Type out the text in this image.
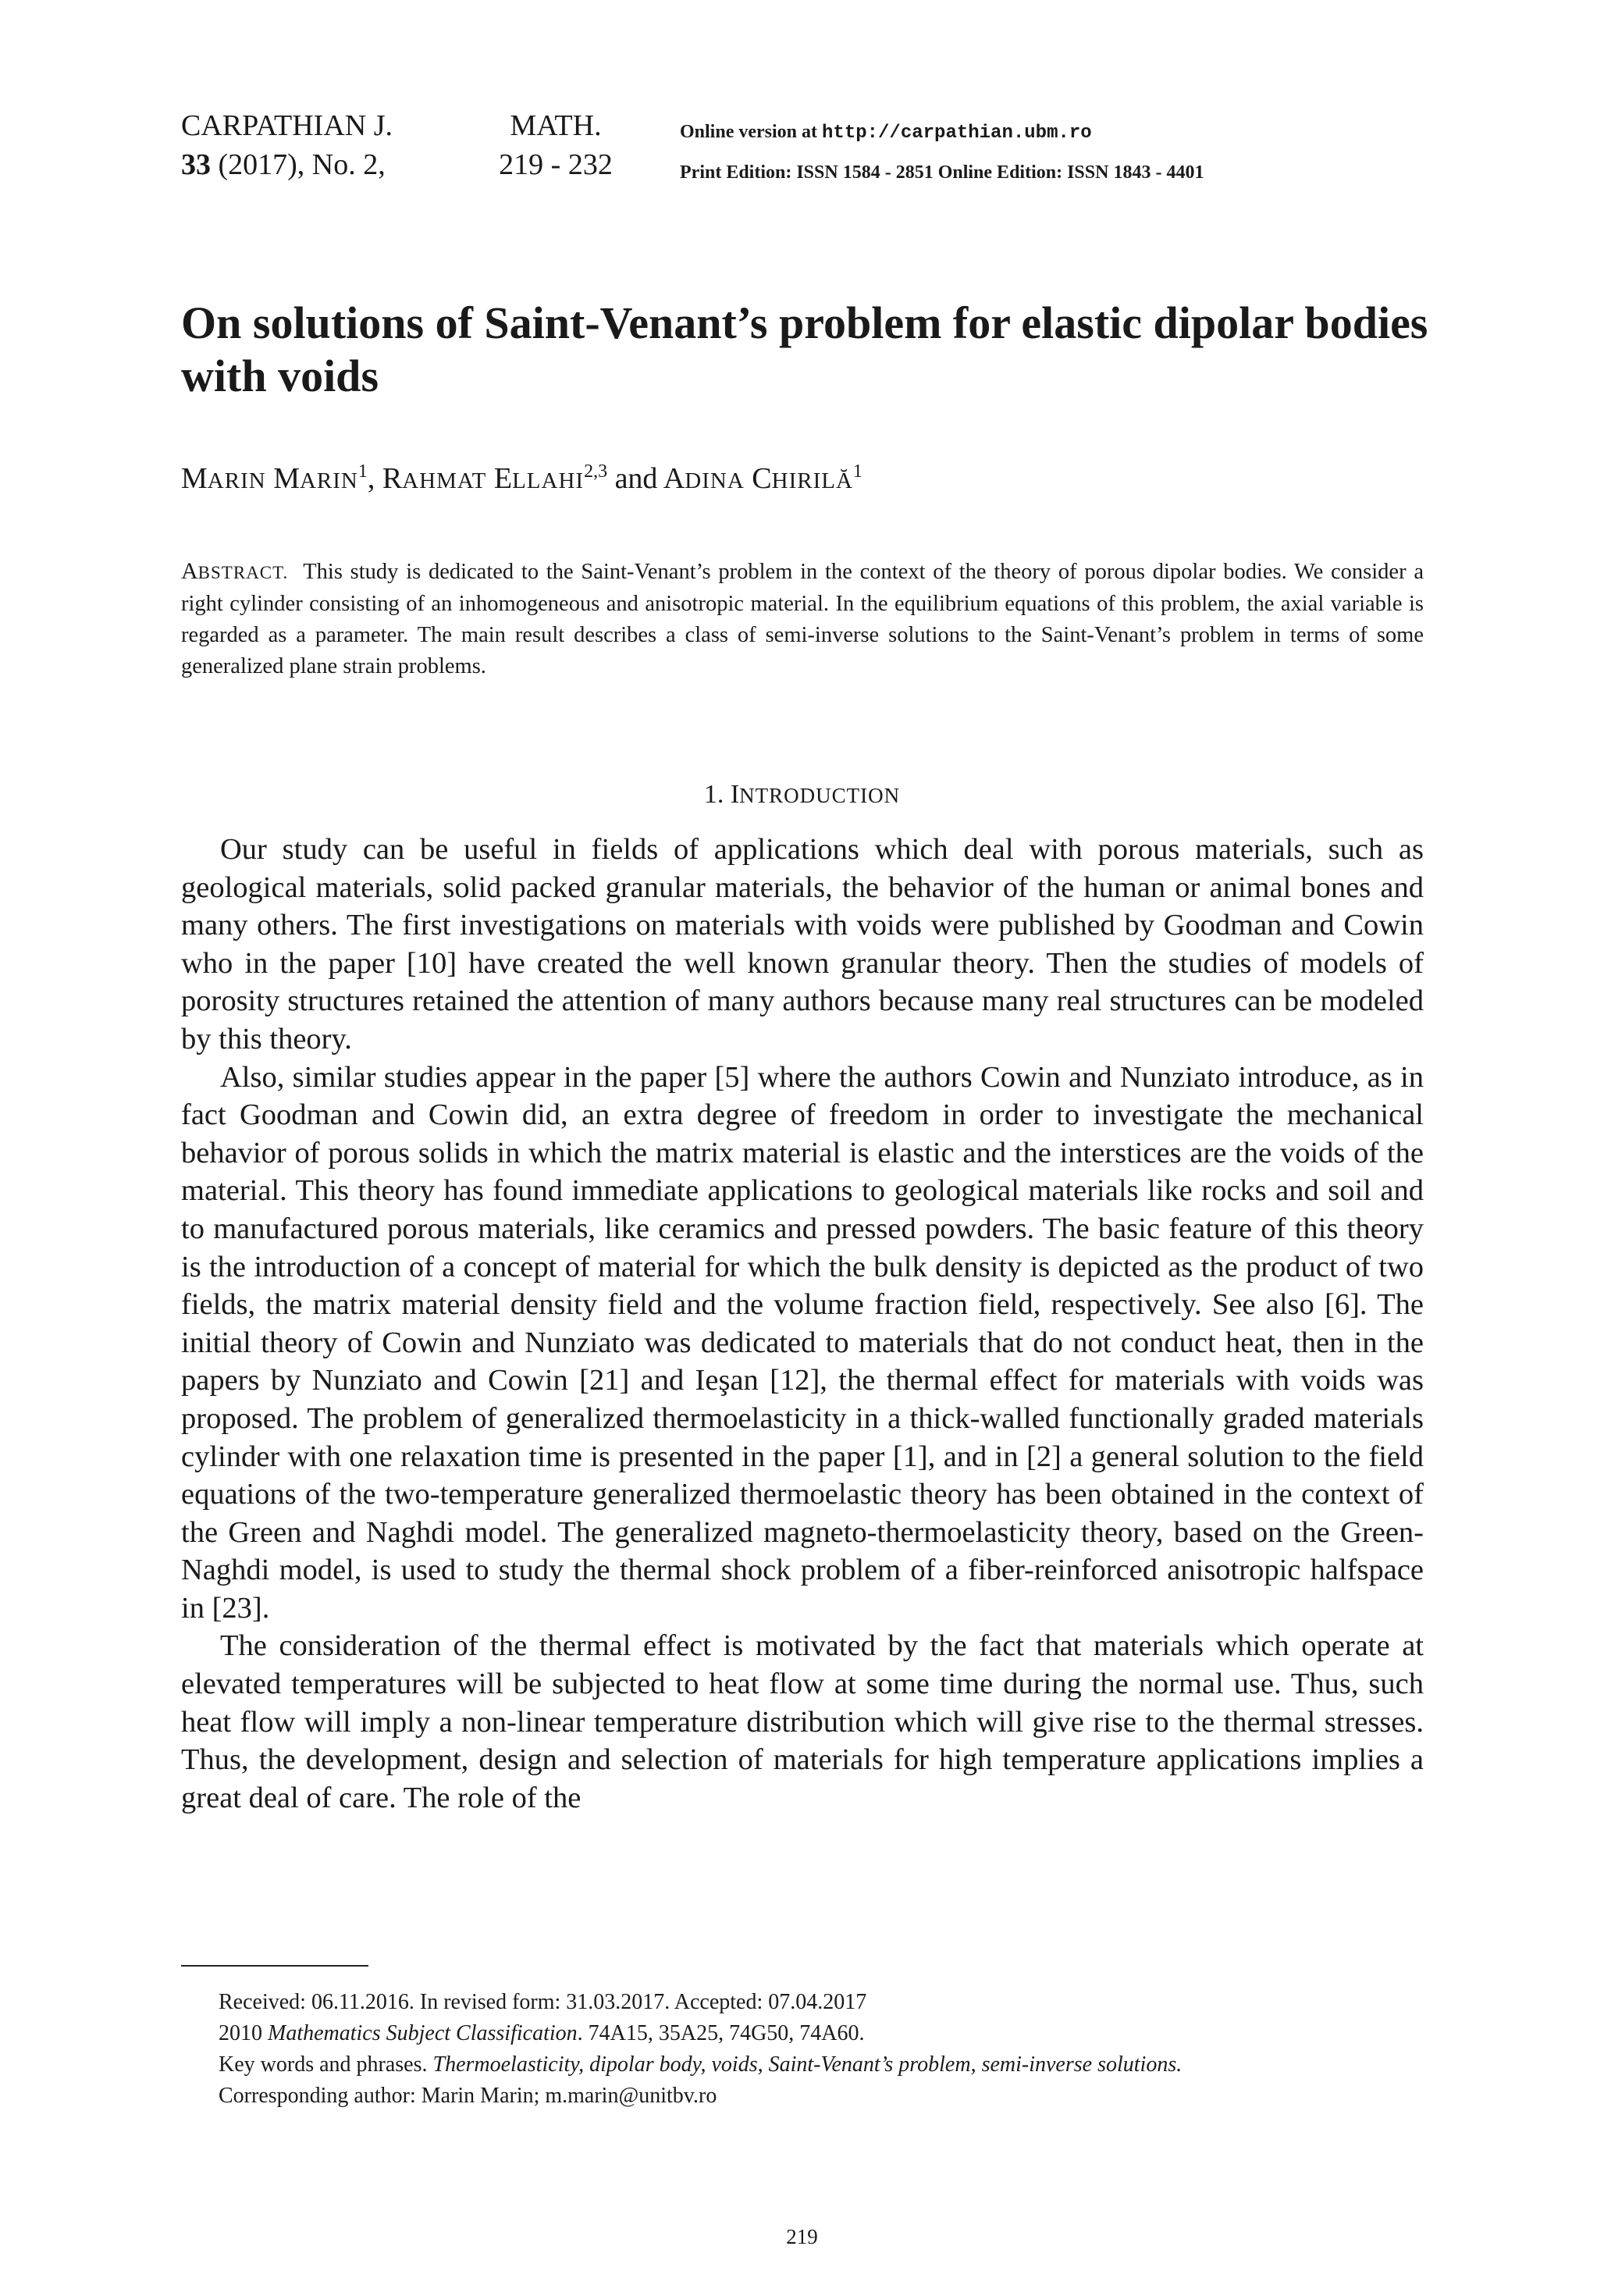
CARPATHIAN J.
33 (2017), No. 2,
MATH.
219 - 232
Online version at http://carpathian.ubm.ro
Print Edition: ISSN 1584 - 2851 Online Edition: ISSN 1843 - 4401
On solutions of Saint-Venant’s problem for elastic dipolar bodies with voids
MARIN MARIN$^1$, RAHMAT ELLAHI$^{2,3}$ and ADINA CHIRILĂ$^1$
ABSTRACT. This study is dedicated to the Saint-Venant’s problem in the context of the theory of porous dipolar bodies. We consider a right cylinder consisting of an inhomogeneous and anisotropic material. In the equilibrium equations of this problem, the axial variable is regarded as a parameter. The main result describes a class of semi-inverse solutions to the Saint-Venant’s problem in terms of some generalized plane strain problems.
1. INTRODUCTION

Our study can be useful in fields of applications which deal with porous materials, such as geological materials, solid packed granular materials, the behavior of the human or animal bones and many others. The first investigations on materials with voids were published by Goodman and Cowin who in the paper [10] have created the well known granular theory. Then the studies of models of porosity structures retained the attention of many authors because many real structures can be modeled by this theory.

Also, similar studies appear in the paper [5] where the authors Cowin and Nunziato introduce, as in fact Goodman and Cowin did, an extra degree of freedom in order to investigate the mechanical behavior of porous solids in which the matrix material is elastic and the interstices are the voids of the material. This theory has found immediate applications to geological materials like rocks and soil and to manufactured porous materials, like ceramics and pressed powders. The basic feature of this theory is the introduction of a concept of material for which the bulk density is depicted as the product of two fields, the matrix material density field and the volume fraction field, respectively. See also [6]. The initial theory of Cowin and Nunziato was dedicated to materials that do not conduct heat, then in the papers by Nunziato and Cowin [21] and Ieşan [12], the thermal effect for materials with voids was proposed. The problem of generalized thermoelasticity in a thick-walled functionally graded materials cylinder with one relaxation time is presented in the paper [1], and in [2] a general solution to the field equations of the two-temperature generalized thermoelastic theory has been obtained in the context of the Green and Naghdi model. The generalized magneto-thermoelasticity theory, based on the Green-Naghdi model, is used to study the thermal shock problem of a fiber-reinforced anisotropic halfspace in [23].

The consideration of the thermal effect is motivated by the fact that materials which operate at elevated temperatures will be subjected to heat flow at some time during the normal use. Thus, such heat flow will imply a non-linear temperature distribution which will give rise to the thermal stresses. Thus, the development, design and selection of materials for high temperature applications implies a great deal of care. The role of the

Received: 06.11.2016. In revised form: 31.03.2017. Accepted: 07.04.2017
2010 Mathematics Subject Classification. 74A15, 35A25, 74G50, 74A60.
Key words and phrases. Thermoelasticity, dipolar body, voids, Saint-Venant’s problem, semi-inverse solutions.
Corresponding author: Marin Marin; m.marin@unitbv.ro
219
